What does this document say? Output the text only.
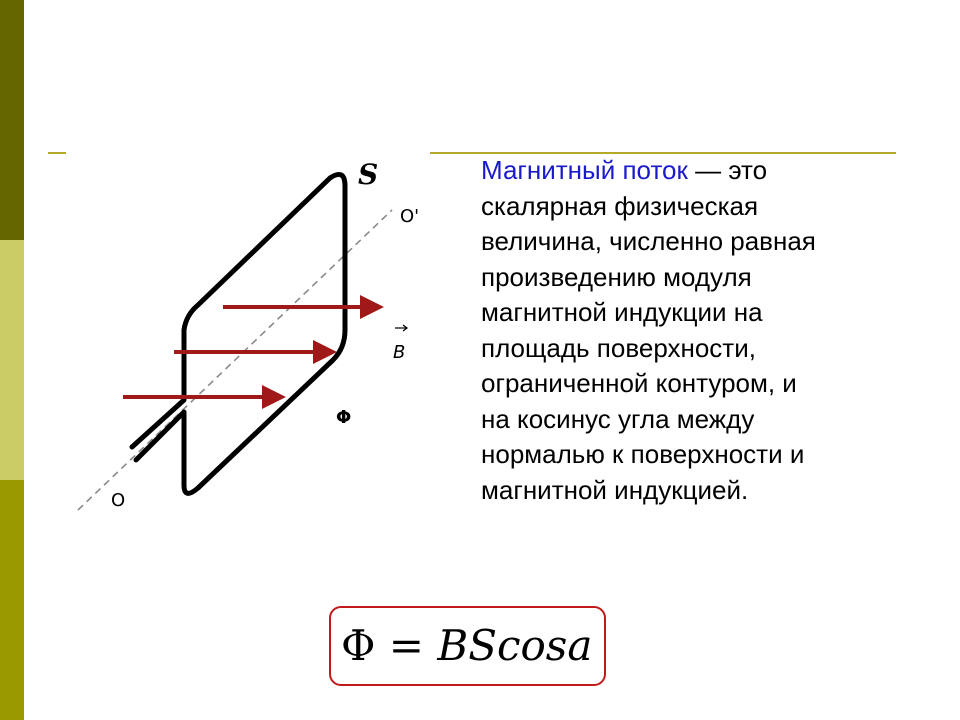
S
O'
O
B
Φ
Магнитный поток — это
скалярная физическая
величина, численно равная
произведению модуля
магнитной индукции на
площадь поверхности,
ограниченной контуром, и
на косинус угла между
нормалью к поверхности и
магнитной индукцией.
Φ = BScosa
